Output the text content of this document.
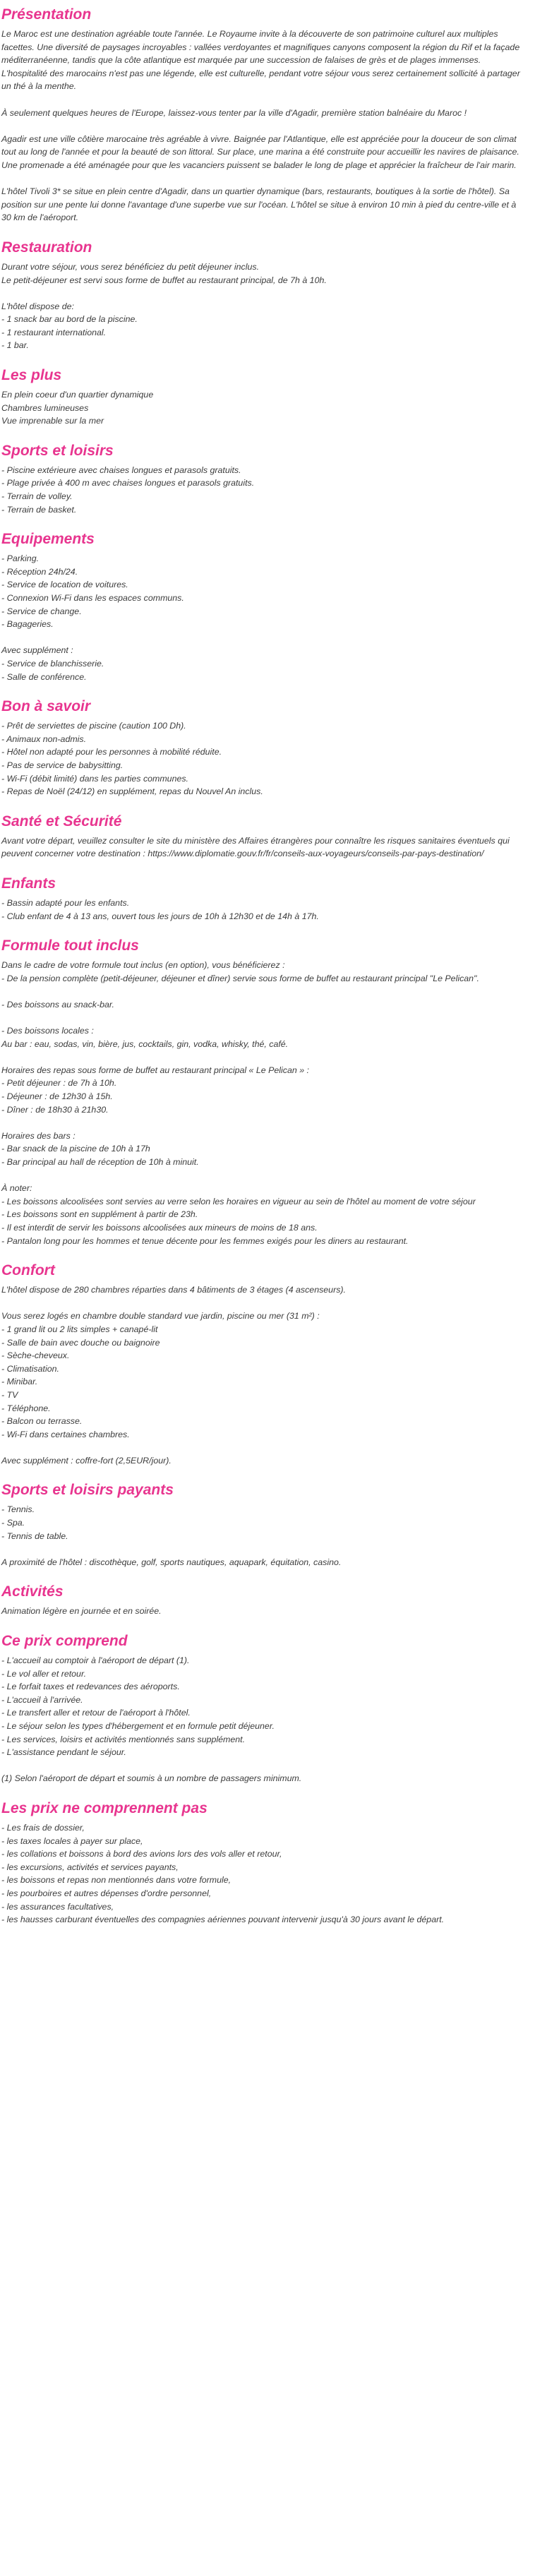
Présentation

Le Maroc est une destination agréable toute l'année. Le Royaume invite à la découverte de son patrimoine culturel aux multiples facettes. Une diversité de paysages incroyables : vallées verdoyantes et magnifiques canyons composent la région du Rif et la façade méditerranéenne, tandis que la côte atlantique est marquée par une succession de falaises de grès et de plages immenses. L'hospitalité des marocains n'est pas une légende, elle est culturelle, pendant votre séjour vous serez certainement sollicité à partager un thé à la menthe.

À seulement quelques heures de l'Europe, laissez-vous tenter par la ville d'Agadir, première station balnéaire du Maroc !

Agadir est une ville côtière marocaine très agréable à vivre. Baignée par l'Atlantique, elle est appréciée pour la douceur de son climat tout au long de l'année et pour la beauté de son littoral. Sur place, une marina a été construite pour accueillir les navires de plaisance. Une promenade a été aménagée pour que les vacanciers puissent se balader le long de plage et apprécier la fraîcheur de l'air marin.

L'hôtel Tivoli 3* se situe en plein centre d'Agadir, dans un quartier dynamique (bars, restaurants, boutiques à la sortie de l'hôtel). Sa position sur une pente lui donne l'avantage d'une superbe vue sur l'océan. L'hôtel se situe à environ 10 min à pied du centre-ville et à 30 km de l'aéroport.

Restauration

Durant votre séjour, vous serez bénéficiez du petit déjeuner inclus.
Le petit-déjeuner est servi sous forme de buffet au restaurant principal, de 7h à 10h.

L'hôtel dispose de:
- 1 snack bar au bord de la piscine.
- 1 restaurant international.
- 1 bar.

Les plus

En plein coeur d'un quartier dynamique
Chambres lumineuses
Vue imprenable sur la mer

Sports et loisirs

- Piscine extérieure avec chaises longues et parasols gratuits.
- Plage privée à 400 m avec chaises longues et parasols gratuits.
- Terrain de volley.
- Terrain de basket.

Equipements

- Parking.
- Réception 24h/24.
- Service de location de voitures.
- Connexion Wi-Fi dans les espaces communs.
- Service de change.
- Bagageries.

Avec supplément :
- Service de blanchisserie.
- Salle de conférence.

Bon à savoir

- Prêt de serviettes de piscine (caution 100 Dh).
- Animaux non-admis.
- Hôtel non adapté pour les personnes à mobilité réduite.
- Pas de service de babysitting.
- Wi-Fi (débit limité) dans les parties communes.
- Repas de Noël (24/12) en supplément, repas du Nouvel An inclus.

Santé et Sécurité

Avant votre départ, veuillez consulter le site du ministère des Affaires étrangères pour connaître les risques sanitaires éventuels qui peuvent concerner votre destination : https://www.diplomatie.gouv.fr/fr/conseils-aux-voyageurs/conseils-par-pays-destination/

Enfants

- Bassin adapté pour les enfants.
- Club enfant de 4 à 13 ans, ouvert tous les jours de 10h à 12h30 et de 14h à 17h.

Formule tout inclus

Dans le cadre de votre formule tout inclus (en option), vous bénéficierez :
- De la pension complète (petit-déjeuner, déjeuner et dîner) servie sous forme de buffet au restaurant principal "Le Pelican".

- Des boissons au snack-bar.

- Des boissons locales :
Au bar : eau, sodas, vin, bière, jus, cocktails, gin, vodka, whisky, thé, café.

Horaires des repas sous forme de buffet au restaurant principal « Le Pelican » :
- Petit déjeuner : de 7h à 10h.
- Déjeuner : de 12h30 à 15h.
- Dîner : de 18h30 à 21h30.

Horaires des bars :
- Bar snack de la piscine de 10h à 17h
- Bar principal au hall de réception de 10h à minuit.

À noter:
- Les boissons alcoolisées sont servies au verre selon les horaires en vigueur au sein de l'hôtel au moment de votre séjour
- Les boissons sont en supplément à partir de 23h.
- Il est interdit de servir les boissons alcoolisées aux mineurs de moins de 18 ans.
- Pantalon long pour les hommes et tenue décente pour les femmes exigés pour les diners au restaurant.

Confort

L'hôtel dispose de 280 chambres réparties dans 4 bâtiments de 3 étages (4 ascenseurs).

Vous serez logés en chambre double standard vue jardin, piscine ou mer (31 m²) :
- 1 grand lit ou 2 lits simples + canapé-lit
- Salle de bain avec douche ou baignoire
- Sèche-cheveux.
- Climatisation.
- Minibar.
- TV
- Téléphone.
- Balcon ou terrasse.
- Wi-Fi dans certaines chambres.

Avec supplément : coffre-fort (2,5EUR/jour).

Sports et loisirs payants

- Tennis.
- Spa.
- Tennis de table.

A proximité de l'hôtel : discothèque, golf, sports nautiques, aquapark, équitation, casino.

Activités

Animation légère en journée et en soirée.

Ce prix comprend

- L'accueil au comptoir à l'aéroport de départ (1).
- Le vol aller et retour.
- Le forfait taxes et redevances des aéroports.
- L'accueil à l'arrivée.
- Le transfert aller et retour de l'aéroport à l'hôtel.
- Le séjour selon les types d'hébergement et en formule petit déjeuner.
- Les services, loisirs et activités mentionnés sans supplément.
- L'assistance pendant le séjour.

(1) Selon l'aéroport de départ et soumis à un nombre de passagers minimum.

Les prix ne comprennent pas

- Les frais de dossier,
- les taxes locales à payer sur place,
- les collations et boissons à bord des avions lors des vols aller et retour,
- les excursions, activités et services payants,
- les boissons et repas non mentionnés dans votre formule,
- les pourboires et autres dépenses d'ordre personnel,
- les assurances facultatives,
- les hausses carburant éventuelles des compagnies aériennes pouvant intervenir jusqu'à 30 jours avant le départ.
